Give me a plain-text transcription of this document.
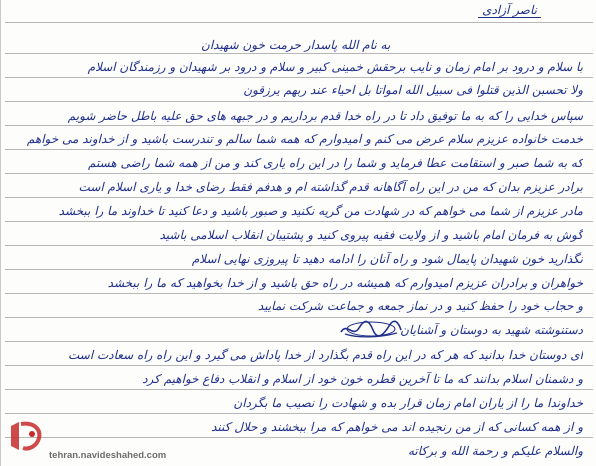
ناصر آزادی
به نام الله پاسدار حرمت خون شهیدان
با سلام و درود بر امام زمان و نایب برحقش خمینی کبیر و سلام و درود بر شهیدان و رزمندگان اسلام
ولا تحسبن الذین قتلوا فی سبیل الله امواتا بل احیاء عند ربهم یرزقون
سپاس خدایی را که به ما توفیق داد تا در راه خدا قدم برداریم و در جبهه های حق علیه باطل حاضر شویم
خدمت خانواده عزیزم سلام عرض می کنم و امیدوارم که همه شما سالم و تندرست باشید و از خداوند می خواهم
که به شما صبر و استقامت عطا فرماید و شما را در این راه یاری کند و من از همه شما راضی هستم
برادر عزیزم بدان که من در این راه آگاهانه قدم گذاشته ام و هدفم فقط رضای خدا و یاری اسلام است
مادر عزیزم از شما می خواهم که در شهادت من گریه نکنید و صبور باشید و دعا کنید تا خداوند ما را ببخشد
گوش به فرمان امام باشید و از ولایت فقیه پیروی کنید و پشتیبان انقلاب اسلامی باشید
نگذارید خون شهیدان پایمال شود و راه آنان را ادامه دهید تا پیروزی نهایی اسلام
خواهران و برادران عزیزم امیدوارم که همیشه در راه حق باشید و از خدا بخواهید که ما را ببخشد
و حجاب خود را حفظ کنید و در نماز جمعه و جماعت شرکت نمایید
دستنوشته شهید به دوستان و آشنایان
ای دوستان خدا بدانید که هر که در این راه قدم بگذارد از خدا پاداش می گیرد و این راه راه سعادت است
و دشمنان اسلام بدانند که ما تا آخرین قطره خون خود از اسلام و انقلاب دفاع خواهیم کرد
خداوندا ما را از یاران امام زمان قرار بده و شهادت را نصیب ما بگردان
و از همه کسانی که از من رنجیده اند می خواهم که مرا ببخشند و حلال کنند
والسلام علیکم و رحمة الله و برکاته
tehran.navideshahed.com
